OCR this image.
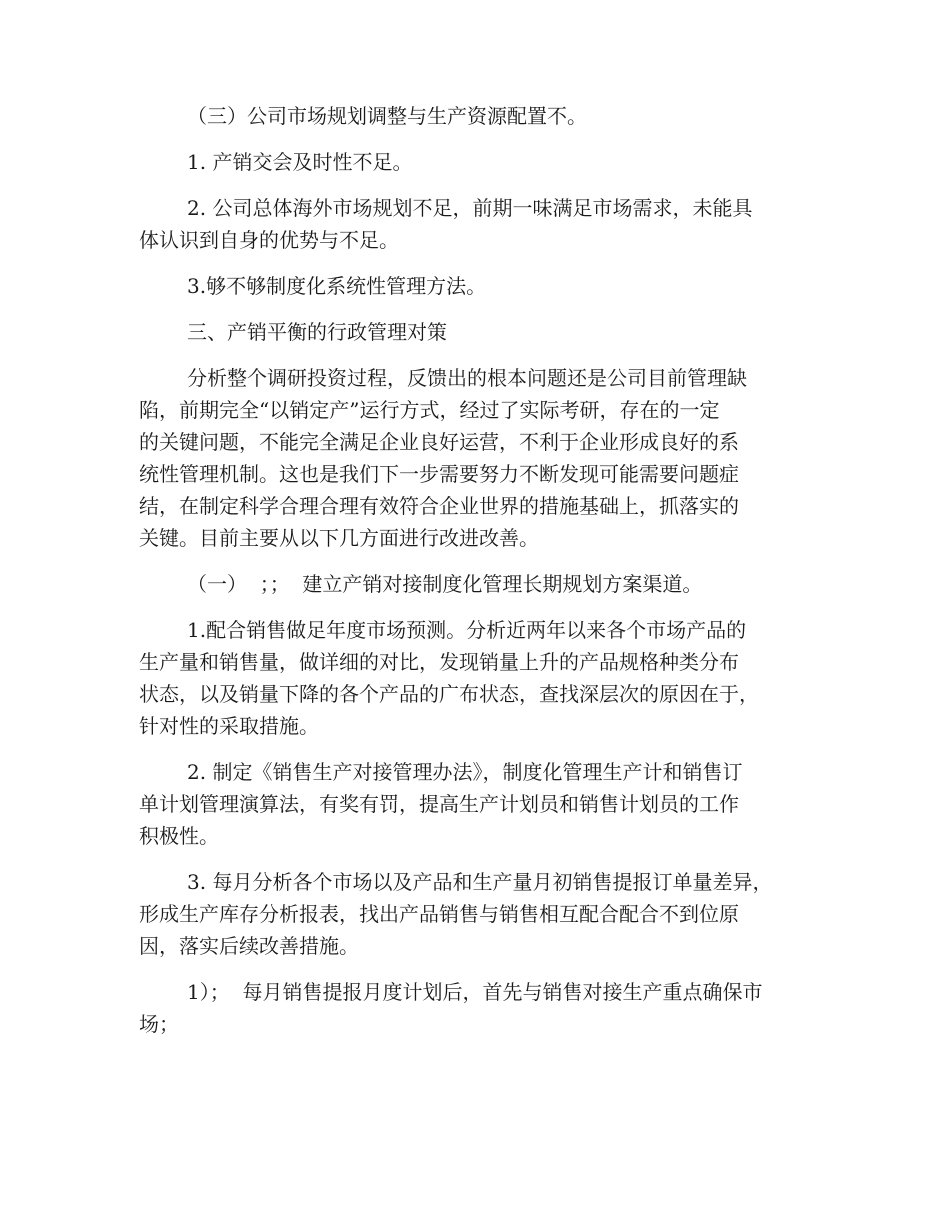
（三）公司市场规划调整与生产资源配置不。

1. 产销交会及时性不足。

2. 公司总体海外市场规划不足，前期一味满足市场需求，未能具
体认识到自身的优势与不足。

3.够不够制度化系统性管理方法。

三、产销平衡的行政管理对策

分析整个调研投资过程，反馈出的根本问题还是公司目前管理缺
陷，前期完全“以销定产”运行方式，经过了实际考研，存在的一定
的关键问题，不能完全满足企业良好运营，不利于企业形成良好的系
统性管理机制。这也是我们下一步需要努力不断发现可能需要问题症
结，在制定科学合理合理有效符合企业世界的措施基础上，抓落实的
关键。目前主要从以下几方面进行改进改善。

（一）  ；；  建立产销对接制度化管理长期规划方案渠道。

1.配合销售做足年度市场预测。分析近两年以来各个市场产品的
生产量和销售量，做详细的对比，发现销量上升的产品规格种类分布
状态，以及销量下降的各个产品的广布状态，查找深层次的原因在于，
针对性的采取措施。

2. 制定《销售生产对接管理办法》，制度化管理生产计和销售订
单计划管理演算法，有奖有罚，提高生产计划员和销售计划员的工作
积极性。

3. 每月分析各个市场以及产品和生产量月初销售提报订单量差异，
形成生产库存分析报表，找出产品销售与销售相互配合配合不到位原
因，落实后续改善措施。

1）；  每月销售提报月度计划后，首先与销售对接生产重点确保市
场；
